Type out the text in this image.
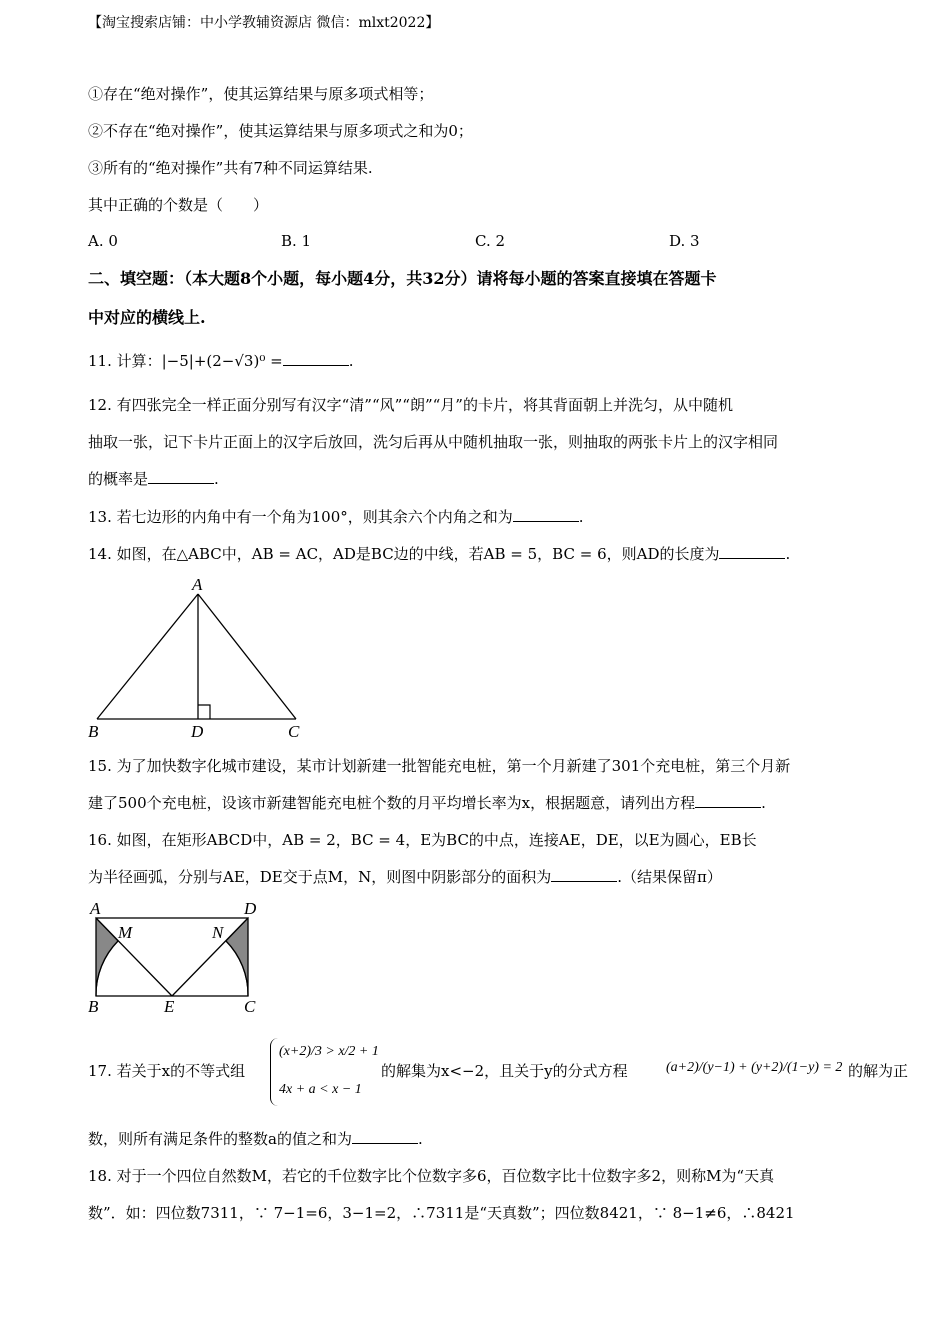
【淘宝搜索店铺：中小学教辅资源店 微信：mlxt2022】
①存在“绝对操作”，使其运算结果与原多项式相等；
②不存在“绝对操作”，使其运算结果与原多项式之和为0；
③所有的“绝对操作”共有7种不同运算结果.
其中正确的个数是（　　）
A. 0	B. 1	C. 2	D. 3
二、填空题：（本大题8个小题，每小题4分，共32分）请将每小题的答案直接填在答题卡
中对应的横线上.
11. 计算：|−5|+(2−√3)⁰ =	.
12. 有四张完全一样正面分别写有汉字“清”“风”“朗”“月”的卡片，将其背面朝上并洗匀，从中随机
抽取一张，记下卡片正面上的汉字后放回，洗匀后再从中随机抽取一张，则抽取的两张卡片上的汉字相同
的概率是	.
13. 若七边形的内角中有一个角为100°，则其余六个内角之和为	.
14. 如图，在△ABC中，AB = AC，AD是BC边的中线，若AB = 5，BC = 6，则AD的长度为	.
A
B	D	C
15. 为了加快数字化城市建设，某市计划新建一批智能充电桩，第一个月新建了301个充电桩，第三个月新
建了500个充电桩，设该市新建智能充电桩个数的月平均增长率为x，根据题意，请列出方程	.
16. 如图，在矩形ABCD中，AB = 2，BC = 4，E为BC的中点，连接AE，DE，以E为圆心，EB长
为半径画弧，分别与AE，DE交于点M，N，则图中阴影部分的面积为	.（结果保留π）
A	D
M	N
B	E	C
17. 若关于x的不等式组
(x+2)/3 > x/2 + 1
4x + a < x − 1
的解集为x<−2，且关于y的分式方程	(a+2)/(y−1) + (y+2)/(1−y) = 2 的解为正
数，则所有满足条件的整数a的值之和为	.
18. 对于一个四位自然数M，若它的千位数字比个位数字多6，百位数字比十位数字多2，则称M为“天真
数”．如：四位数7311，∵ 7−1=6，3−1=2，∴7311是“天真数”；四位数8421，∵ 8−1≠6，∴8421
